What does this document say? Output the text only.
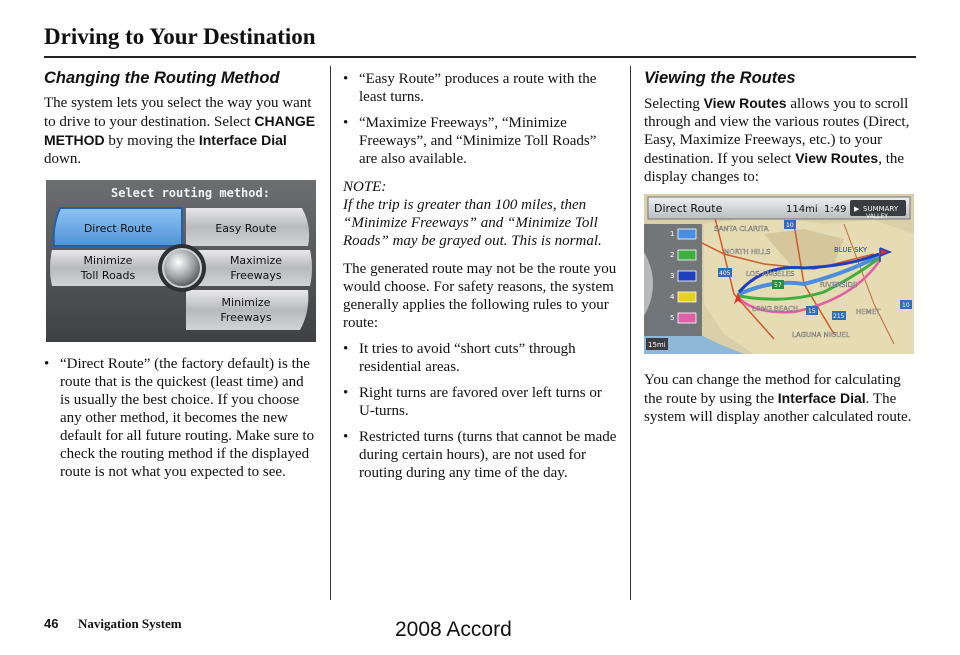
Driving to Your Destination
Changing the Routing Method

The system lets you select the way you want to drive to your destination. Select CHANGE METHOD by moving the Interface Dial down.

Select routing method:
Direct Route	Easy Route
Minimize
Toll Roads
Maximize
Freeways
Minimize
Freeways
• “Direct Route” (the factory default) is the route that is the quickest (least time) and is usually the best choice. If you choose any other method, it becomes the new default for all future routing. Make sure to check the routing method if the displayed route is not what you expected to see.
• “Easy Route” produces a route with the least turns.
• “Maximize Freeways”, “Minimize Freeways”, and “Minimize Toll Roads” are also available.

NOTE:

If the trip is greater than 100 miles, then “Minimize Freeways” and “Minimize Toll Roads” may be grayed out. This is normal.

The generated route may not be the route you would choose. For safety reasons, the system generally applies the following rules to your route:

• It tries to avoid “short cuts” through residential areas.
• Right turns are favored over left turns or U-turns.
• Restricted turns (turns that cannot be made during certain hours), are not used for routing during any time of the day.
Viewing the Routes

Selecting View Routes allows you to scroll through and view the various routes (Direct, Easy, Maximize Freeways, etc.) to your destination. If you select View Routes, the display changes to:

Direct Route	114mi 1:49 ▶ SUMMARY
SANTA CLARITA
VALLEY
NORTH HILLS	BLUE SKY
LOS ANGELES
RIVERSIDE
LONG BEACH	HEMET
LAGUNA NIGUEL
10
405
57
15
215
10
1
2
3
4
5
15mi

You can change the method for calculating the route by using the Interface Dial. The system will display another calculated route.

46 Navigation System	2008 Accord
